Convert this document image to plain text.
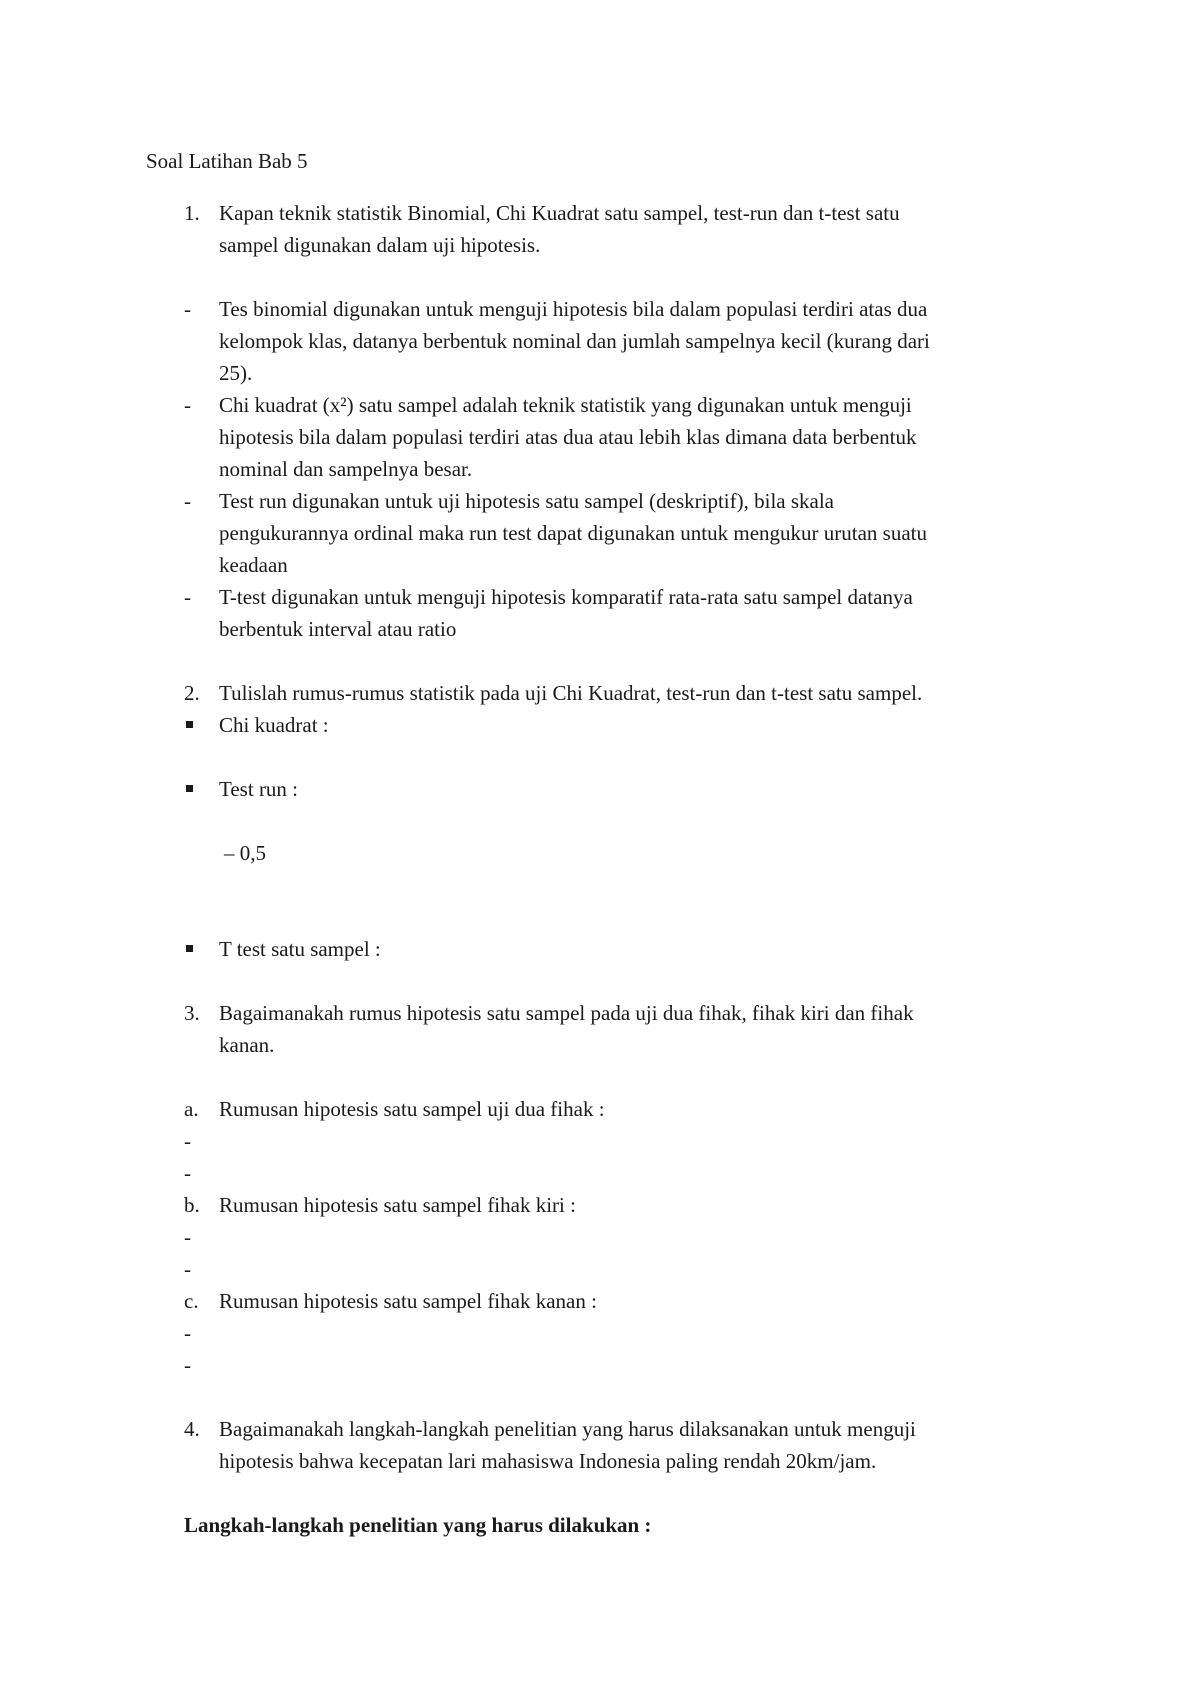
Soal Latihan Bab 5
1. Kapan teknik statistik Binomial, Chi Kuadrat satu sampel, test-run dan t-test satu
sampel digunakan dalam uji hipotesis.
- Tes binomial digunakan untuk menguji hipotesis bila dalam populasi terdiri atas dua
kelompok klas, datanya berbentuk nominal dan jumlah sampelnya kecil (kurang dari
25).
- Chi kuadrat (x²) satu sampel adalah teknik statistik yang digunakan untuk menguji
hipotesis bila dalam populasi terdiri atas dua atau lebih klas dimana data berbentuk
nominal dan sampelnya besar.
- Test run digunakan untuk uji hipotesis satu sampel (deskriptif), bila skala
pengukurannya ordinal maka run test dapat digunakan untuk mengukur urutan suatu
keadaan
- T-test digunakan untuk menguji hipotesis komparatif rata-rata satu sampel datanya
berbentuk interval atau ratio
2. Tulislah rumus-rumus statistik pada uji Chi Kuadrat, test-run dan t-test satu sampel.
Chi kuadrat :
Test run :
– 0,5
T test satu sampel :
3. Bagaimanakah rumus hipotesis satu sampel pada uji dua fihak, fihak kiri dan fihak
kanan.
a. Rumusan hipotesis satu sampel uji dua fihak :
-
-
b. Rumusan hipotesis satu sampel fihak kiri :
-
-
c. Rumusan hipotesis satu sampel fihak kanan :
-
-
4. Bagaimanakah langkah-langkah penelitian yang harus dilaksanakan untuk menguji
hipotesis bahwa kecepatan lari mahasiswa Indonesia paling rendah 20km/jam.
Langkah-langkah penelitian yang harus dilakukan :
